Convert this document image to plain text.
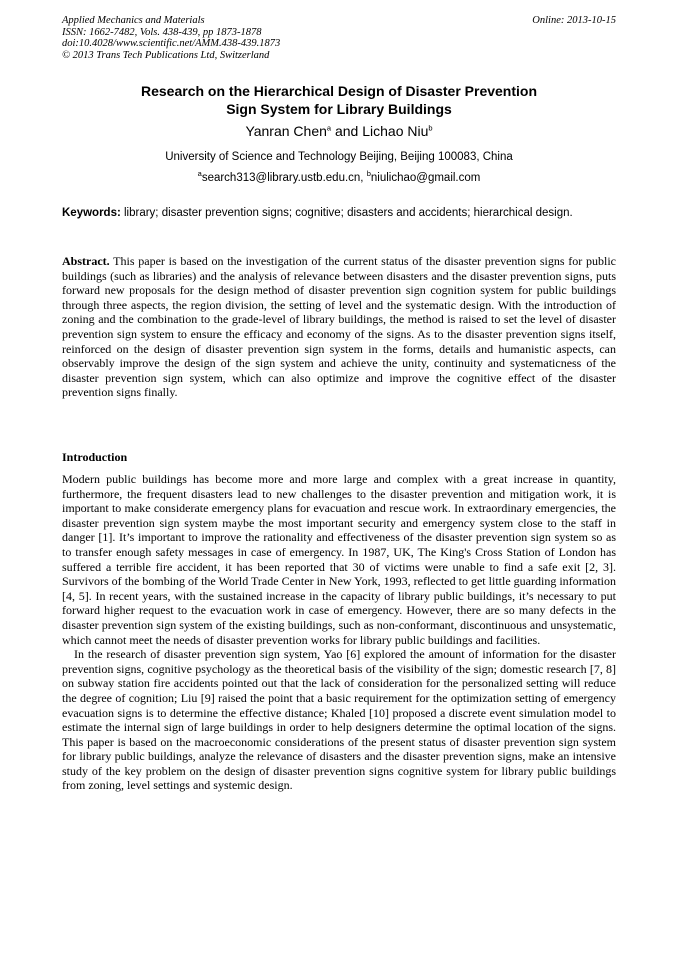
Applied Mechanics and Materials
ISSN: 1662-7482, Vols. 438-439, pp 1873-1878
doi:10.4028/www.scientific.net/AMM.438-439.1873
© 2013 Trans Tech Publications Ltd, Switzerland
Online: 2013-10-15
Research on the Hierarchical Design of Disaster Prevention
Sign System for Library Buildings
Yanran Chen$^a$ and Lichao Niu$^b$
University of Science and Technology Beijing, Beijing 100083, China
$^a$search313@library.ustb.edu.cn, $^b$niulichao@gmail.com
Keywords: library; disaster prevention signs; cognitive; disasters and accidents; hierarchical design.
Abstract. This paper is based on the investigation of the current status of the disaster prevention signs for public buildings (such as libraries) and the analysis of relevance between disasters and the disaster prevention signs, puts forward new proposals for the design method of disaster prevention sign cognition system for public buildings through three aspects, the region division, the setting of level and the systematic design. With the introduction of zoning and the combination to the grade-level of library buildings, the method is raised to set the level of disaster prevention sign system to ensure the efficacy and economy of the signs. As to the disaster prevention signs itself, reinforced on the design of disaster prevention sign system in the forms, details and humanistic aspects, can observably improve the design of the sign system and achieve the unity, continuity and systematicness of the disaster prevention sign system, which can also optimize and improve the cognitive effect of the disaster prevention signs finally.
Introduction

Modern public buildings has become more and more large and complex with a great increase in quantity, furthermore, the frequent disasters lead to new challenges to the disaster prevention and mitigation work, it is important to make considerate emergency plans for evacuation and rescue work. In extraordinary emergencies, the disaster prevention sign system maybe the most important security and emergency system close to the staff in danger [1]. It’s important to improve the rationality and effectiveness of the disaster prevention sign system so as to transfer enough safety messages in case of emergency. In 1987, UK, The King's Cross Station of London has suffered a terrible fire accident, it has been reported that 30 of victims were unable to find a safe exit [2, 3]. Survivors of the bombing of the World Trade Center in New York, 1993, reflected to get little guarding information [4, 5]. In recent years, with the sustained increase in the capacity of library public buildings, it’s necessary to put forward higher request to the evacuation work in case of emergency. However, there are so many defects in the disaster prevention sign system of the existing buildings, such as non-conformant, discontinuous and unsystematic, which cannot meet the needs of disaster prevention works for library public buildings and facilities.

In the research of disaster prevention sign system, Yao [6] explored the amount of information for the disaster prevention signs, cognitive psychology as the theoretical basis of the visibility of the sign; domestic research [7, 8] on subway station fire accidents pointed out that the lack of consideration for the personalized setting will reduce the degree of cognition; Liu [9] raised the point that a basic requirement for the optimization setting of emergency evacuation signs is to determine the effective distance; Khaled [10] proposed a discrete event simulation model to estimate the internal sign of large buildings in order to help designers determine the optimal location of the signs. This paper is based on the macroeconomic considerations of the present status of disaster prevention sign system for library public buildings, analyze the relevance of disasters and the disaster prevention signs, make an intensive study of the key problem on the design of disaster prevention signs cognitive system for library public buildings from zoning, level settings and systemic design.
